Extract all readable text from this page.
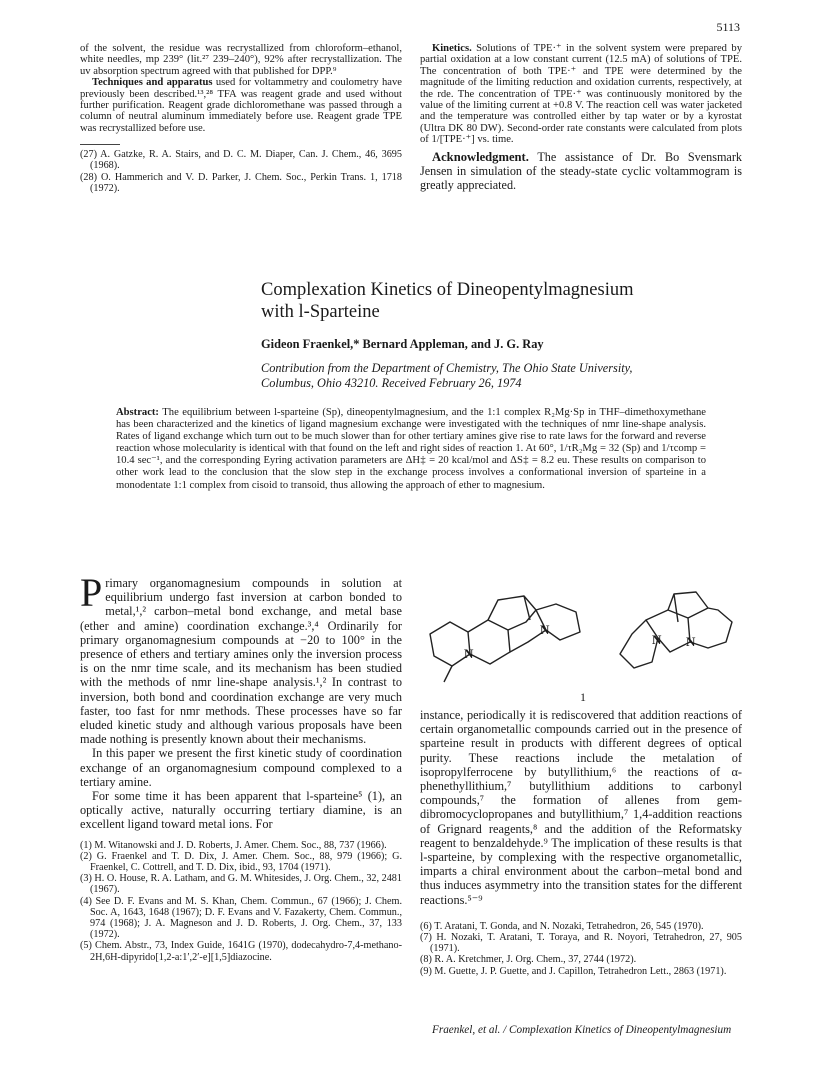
5113

of the solvent, the residue was recrystallized from chloroform–ethanol, white needles, mp 239° (lit.²⁷ 239–240°), 92% after recrystallization. The uv absorption spectrum agreed with that published for DPP.⁹

Techniques and apparatus used for voltammetry and coulometry have previously been described.¹³,²⁸ TFA was reagent grade and used without further purification. Reagent grade dichloromethane was passed through a column of neutral aluminum immediately before use. Reagent grade TPE was recrystallized before use.

(27) A. Gatzke, R. A. Stairs, and D. C. M. Diaper, Can. J. Chem., 46, 3695 (1968).

(28) O. Hammerich and V. D. Parker, J. Chem. Soc., Perkin Trans. 1, 1718 (1972).

Kinetics. Solutions of TPE·⁺ in the solvent system were prepared by partial oxidation at a low constant current (12.5 mA) of solutions of TPE. The concentration of both TPE·⁺ and TPE were determined by the magnitude of the limiting reduction and oxidation currents, respectively, at the rde. The concentration of TPE·⁺ was continuously monitored by the value of the limiting current at +0.8 V. The reaction cell was water jacketed and the temperature was controlled either by tap water or by a kyrostat (Ultra DK 80 DW). Second-order rate constants were calculated from plots of 1/[TPE·⁺] vs. time.

Acknowledgment. The assistance of Dr. Bo Svensmark Jensen in simulation of the steady-state cyclic voltammogram is greatly appreciated.

Complexation Kinetics of Dineopentylmagnesium
with l-Sparteine
Gideon Fraenkel,* Bernard Appleman, and J. G. Ray
Contribution from the Department of Chemistry, The Ohio State University,
Columbus, Ohio 43210. Received February 26, 1974
Abstract: The equilibrium between l-sparteine (Sp), dineopentylmagnesium, and the 1:1 complex R₂Mg·Sp in THF–dimethoxymethane has been characterized and the kinetics of ligand magnesium exchange were investigated with the techniques of nmr line-shape analysis. Rates of ligand exchange which turn out to be much slower than for other tertiary amines give rise to rate laws for the forward and reverse reaction whose molecularity is identical with that found on the left and right sides of reaction 1. At 60°, 1/τR₂Mg = 32 (Sp) and 1/τcomp = 10.4 sec⁻¹, and the corresponding Eyring activation parameters are ΔH‡ = 20 kcal/mol and ΔS‡ = 8.2 eu. These results on comparison to other work lead to the conclusion that the slow step in the exchange process involves a conformational inversion of sparteine in a monodentate 1:1 complex from cisoid to transoid, thus allowing the approach of ether to magnesium.

Primary organomagnesium compounds in solution at equilibrium undergo fast inversion at carbon bonded to metal,¹,² carbon–metal bond exchange, and metal base (ether and amine) coordination exchange.³,⁴ Ordinarily for primary organomagnesium compounds at −20 to 100° in the presence of ethers and tertiary amines only the inversion process is on the nmr time scale, and its mechanism has been studied with the methods of nmr line-shape analysis.¹,² In contrast to inversion, both bond and coordination exchange are very much faster, too fast for nmr methods. These processes have so far eluded kinetic study and although various proposals have been made nothing is presently known about their mechanisms.

In this paper we present the first kinetic study of coordination exchange of an organomagnesium compound complexed to a tertiary amine.

For some time it has been apparent that l-sparteine⁵ (1), an optically active, naturally occurring tertiary diamine, is an excellent ligand toward metal ions. For

(1) M. Witanowski and J. D. Roberts, J. Amer. Chem. Soc., 88, 737 (1966).

(2) G. Fraenkel and T. D. Dix, J. Amer. Chem. Soc., 88, 979 (1966); G. Fraenkel, C. Cottrell, and T. D. Dix, ibid., 93, 1704 (1971).

(3) H. O. House, R. A. Latham, and G. M. Whitesides, J. Org. Chem., 32, 2481 (1967).

(4) See D. F. Evans and M. S. Khan, Chem. Commun., 67 (1966); J. Chem. Soc. A, 1643, 1648 (1967); D. F. Evans and V. Fazakerty, Chem. Commun., 974 (1968); J. A. Magneson and J. D. Roberts, J. Org. Chem., 37, 133 (1972).

(5) Chem. Abstr., 73, Index Guide, 1641G (1970), dodecahydro-7,4-methano-2H,6H-dipyrido[1,2-a:1′,2′-e][1,5]diazocine.

N
N
N N
1

instance, periodically it is rediscovered that addition reactions of certain organometallic compounds carried out in the presence of sparteine result in products with different degrees of optical purity. These reactions include the metalation of isopropylferrocene by butyllithium,⁶ the reactions of α-phenethyllithium,⁷ butyllithium additions to carbonyl compounds,⁷ the formation of allenes from gem-dibromocyclopropanes and butyllithium,⁷ 1,4-addition reactions of Grignard reagents,⁸ and the addition of the Reformatsky reagent to benzaldehyde.⁹ The implication of these results is that l-sparteine, by complexing with the respective organometallic, imparts a chiral environment about the carbon–metal bond and thus induces asymmetry into the transition states for the different reactions.⁵⁻⁹

(6) T. Aratani, T. Gonda, and N. Nozaki, Tetrahedron, 26, 545 (1970).

(7) H. Nozaki, T. Aratani, T. Toraya, and R. Noyori, Tetrahedron, 27, 905 (1971).

(8) R. A. Kretchmer, J. Org. Chem., 37, 2744 (1972).

(9) M. Guette, J. P. Guette, and J. Capillon, Tetrahedron Lett., 2863 (1971).

Fraenkel, et al. / Complexation Kinetics of Dineopentylmagnesium
